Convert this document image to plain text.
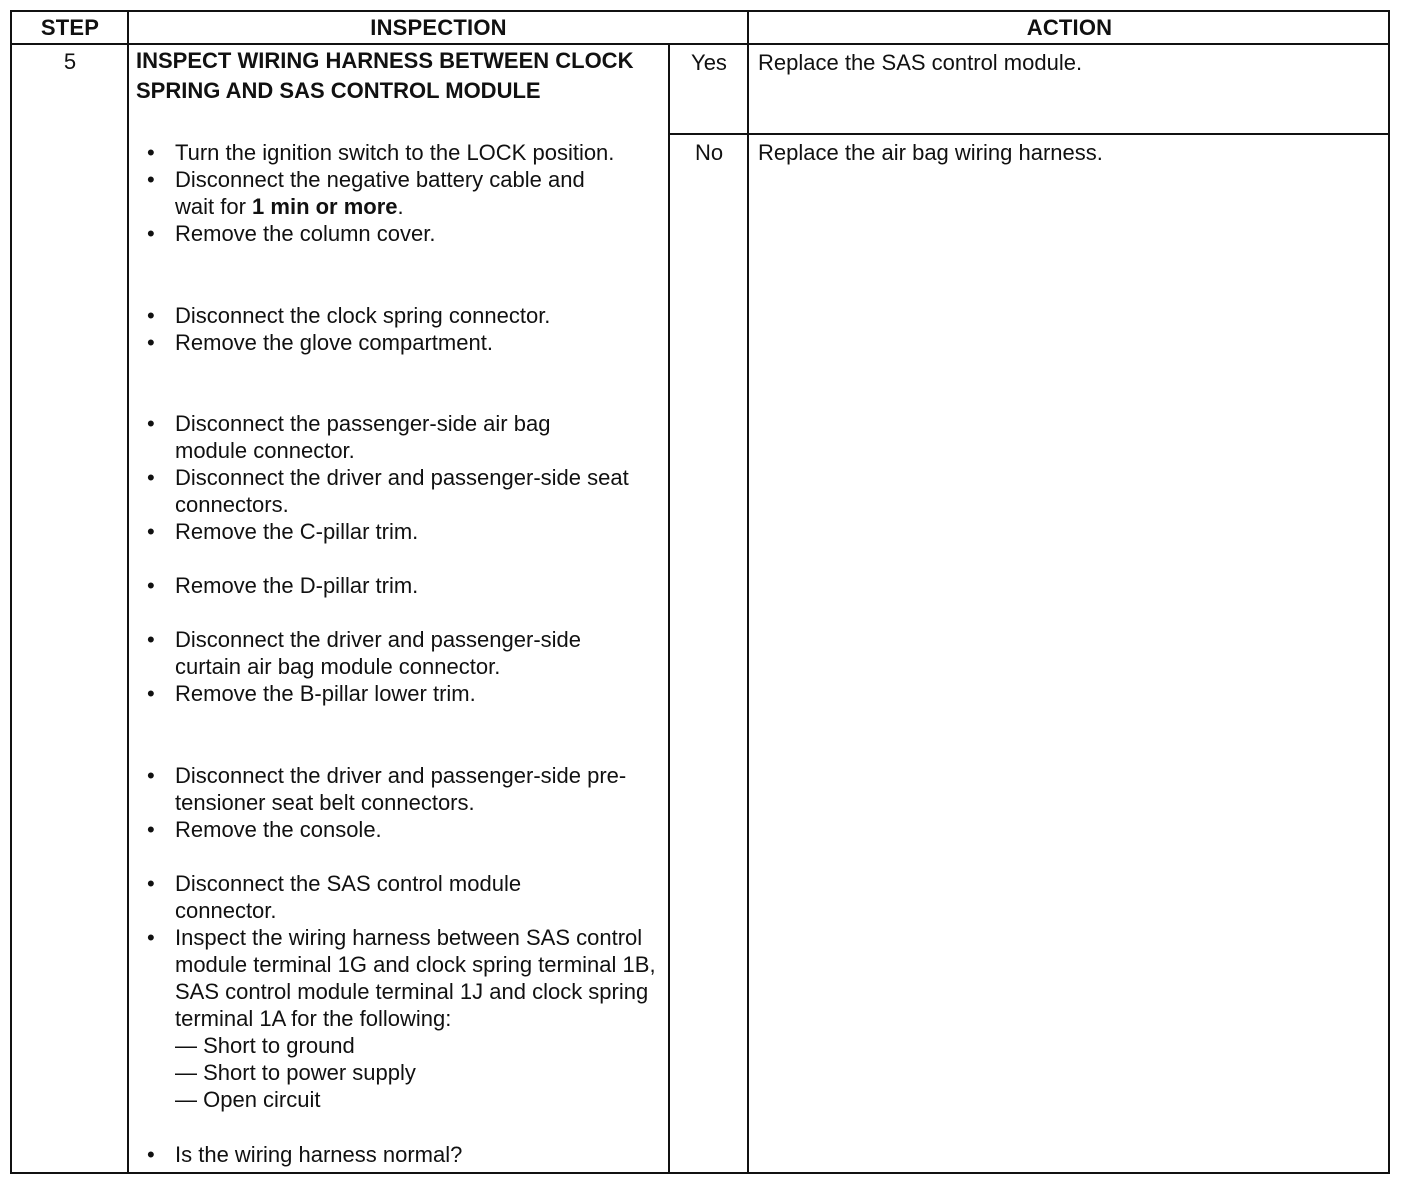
STEP	INSPECTION	ACTION
5	INSPECT WIRING HARNESS BETWEEN CLOCK SPRING AND SAS CONTROL MODULE
• Turn the ignition switch to the LOCK position.
• Disconnect the negative battery cable and wait for 1 min or more.
• Remove the column cover.
• Disconnect the clock spring connector.
• Remove the glove compartment.
• Disconnect the passenger-side air bag module connector.
• Disconnect the driver and passenger-side seat connectors.
• Remove the C-pillar trim.
• Remove the D-pillar trim.
• Disconnect the driver and passenger-side curtain air bag module connector.
• Remove the B-pillar lower trim.
• Disconnect the driver and passenger-side pre-tensioner seat belt connectors.
• Remove the console.
• Disconnect the SAS control module connector.
• Inspect the wiring harness between SAS control module terminal 1G and clock spring terminal 1B, SAS control module terminal 1J and clock spring terminal 1A for the following:
— Short to ground
— Short to power supply
— Open circuit
• Is the wiring harness normal?
Yes	Replace the SAS control module.
No	Replace the air bag wiring harness.
